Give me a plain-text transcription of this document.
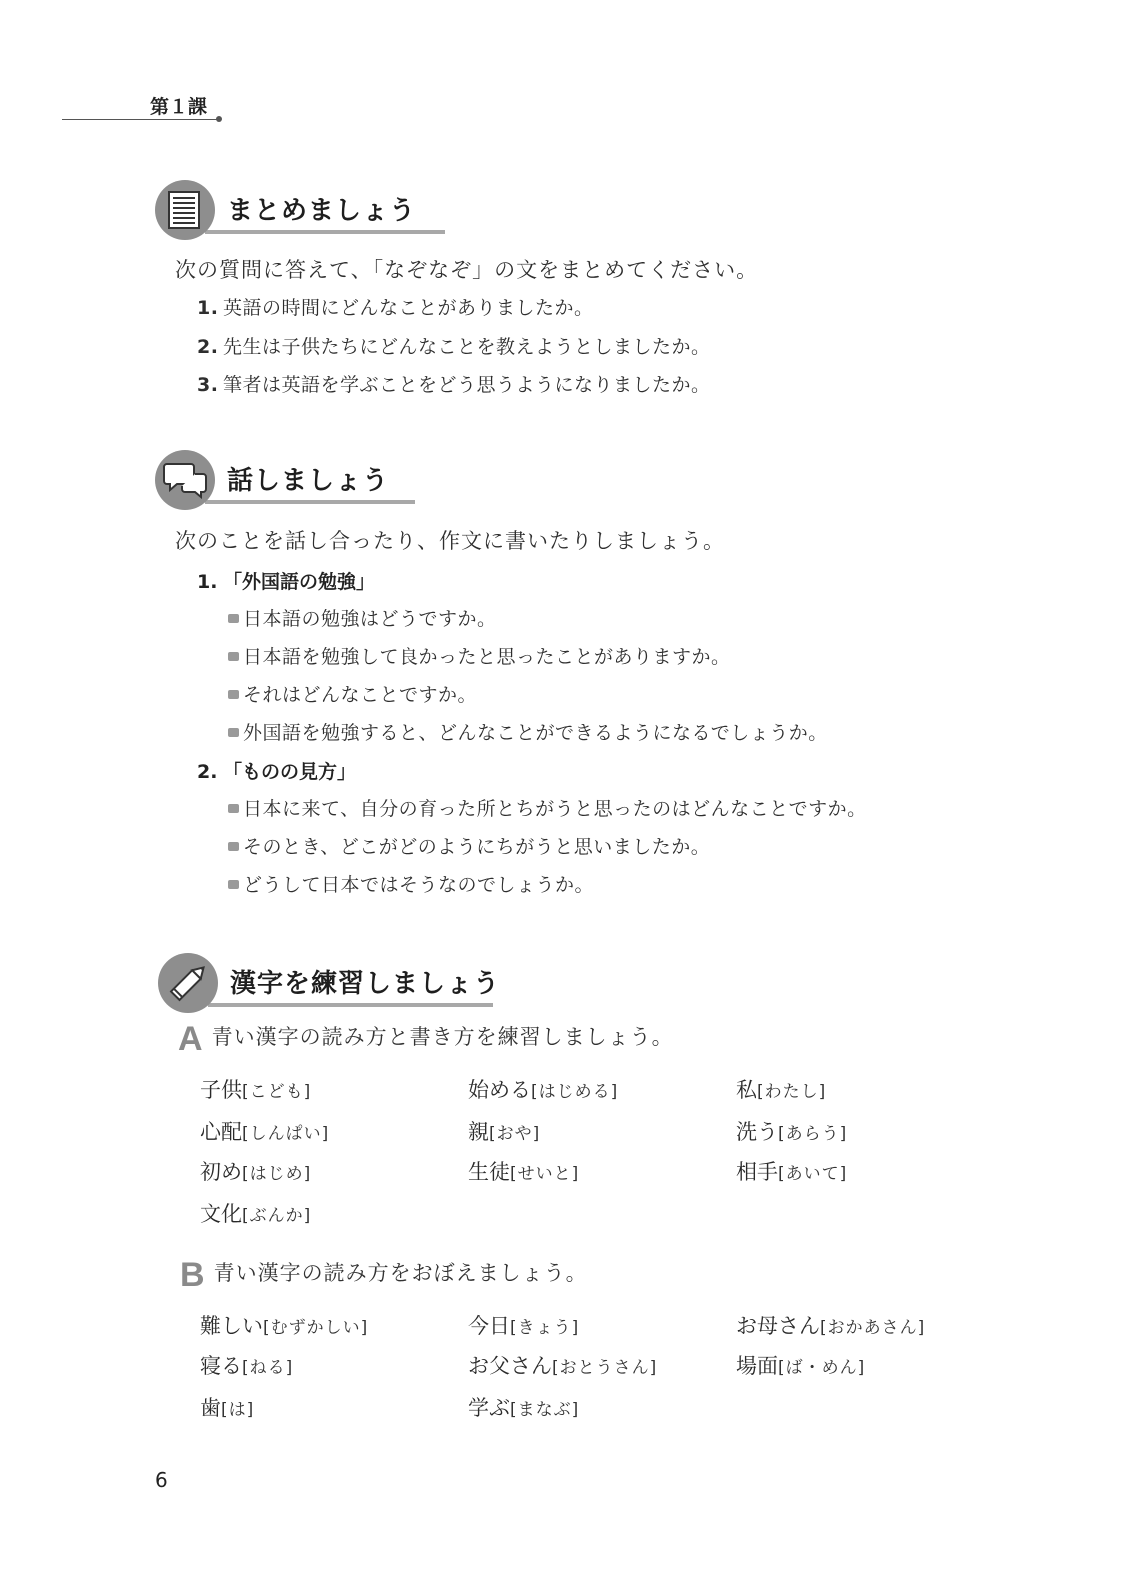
第１課
まとめましょう
次の質問に答えて、「なぞなぞ」の文をまとめてください。
1. 英語の時間にどんなことがありましたか。
2. 先生は子供たちにどんなことを教えようとしましたか。
3. 筆者は英語を学ぶことをどう思うようになりましたか。
話しましょう
次のことを話し合ったり、作文に書いたりしましょう。
1. 「外国語の勉強」
日本語の勉強はどうですか。
日本語を勉強して良かったと思ったことがありますか。
それはどんなことですか。
外国語を勉強すると、どんなことができるようになるでしょうか。
2. 「ものの見方」
日本に来て、自分の育った所とちがうと思ったのはどんなことですか。
そのとき、どこがどのようにちがうと思いましたか。
どうして日本ではそうなのでしょうか。
漢字を練習しましょう
A 青い漢字の読み方と書き方を練習しましょう。
子供[こども]	始める[はじめる]	私[わたし]
心配[しんぱい]	親[おや]	洗う[あらう]
初め[はじめ]	生徒[せいと]	相手[あいて]
文化[ぶんか]
B 青い漢字の読み方をおぼえましょう。
難しい[むずかしい]	今日[きょう]	お母さん[おかあさん]
寝る[ねる]	お父さん[おとうさん]	場面[ば・めん]
歯[は]	学ぶ[まなぶ]
6
